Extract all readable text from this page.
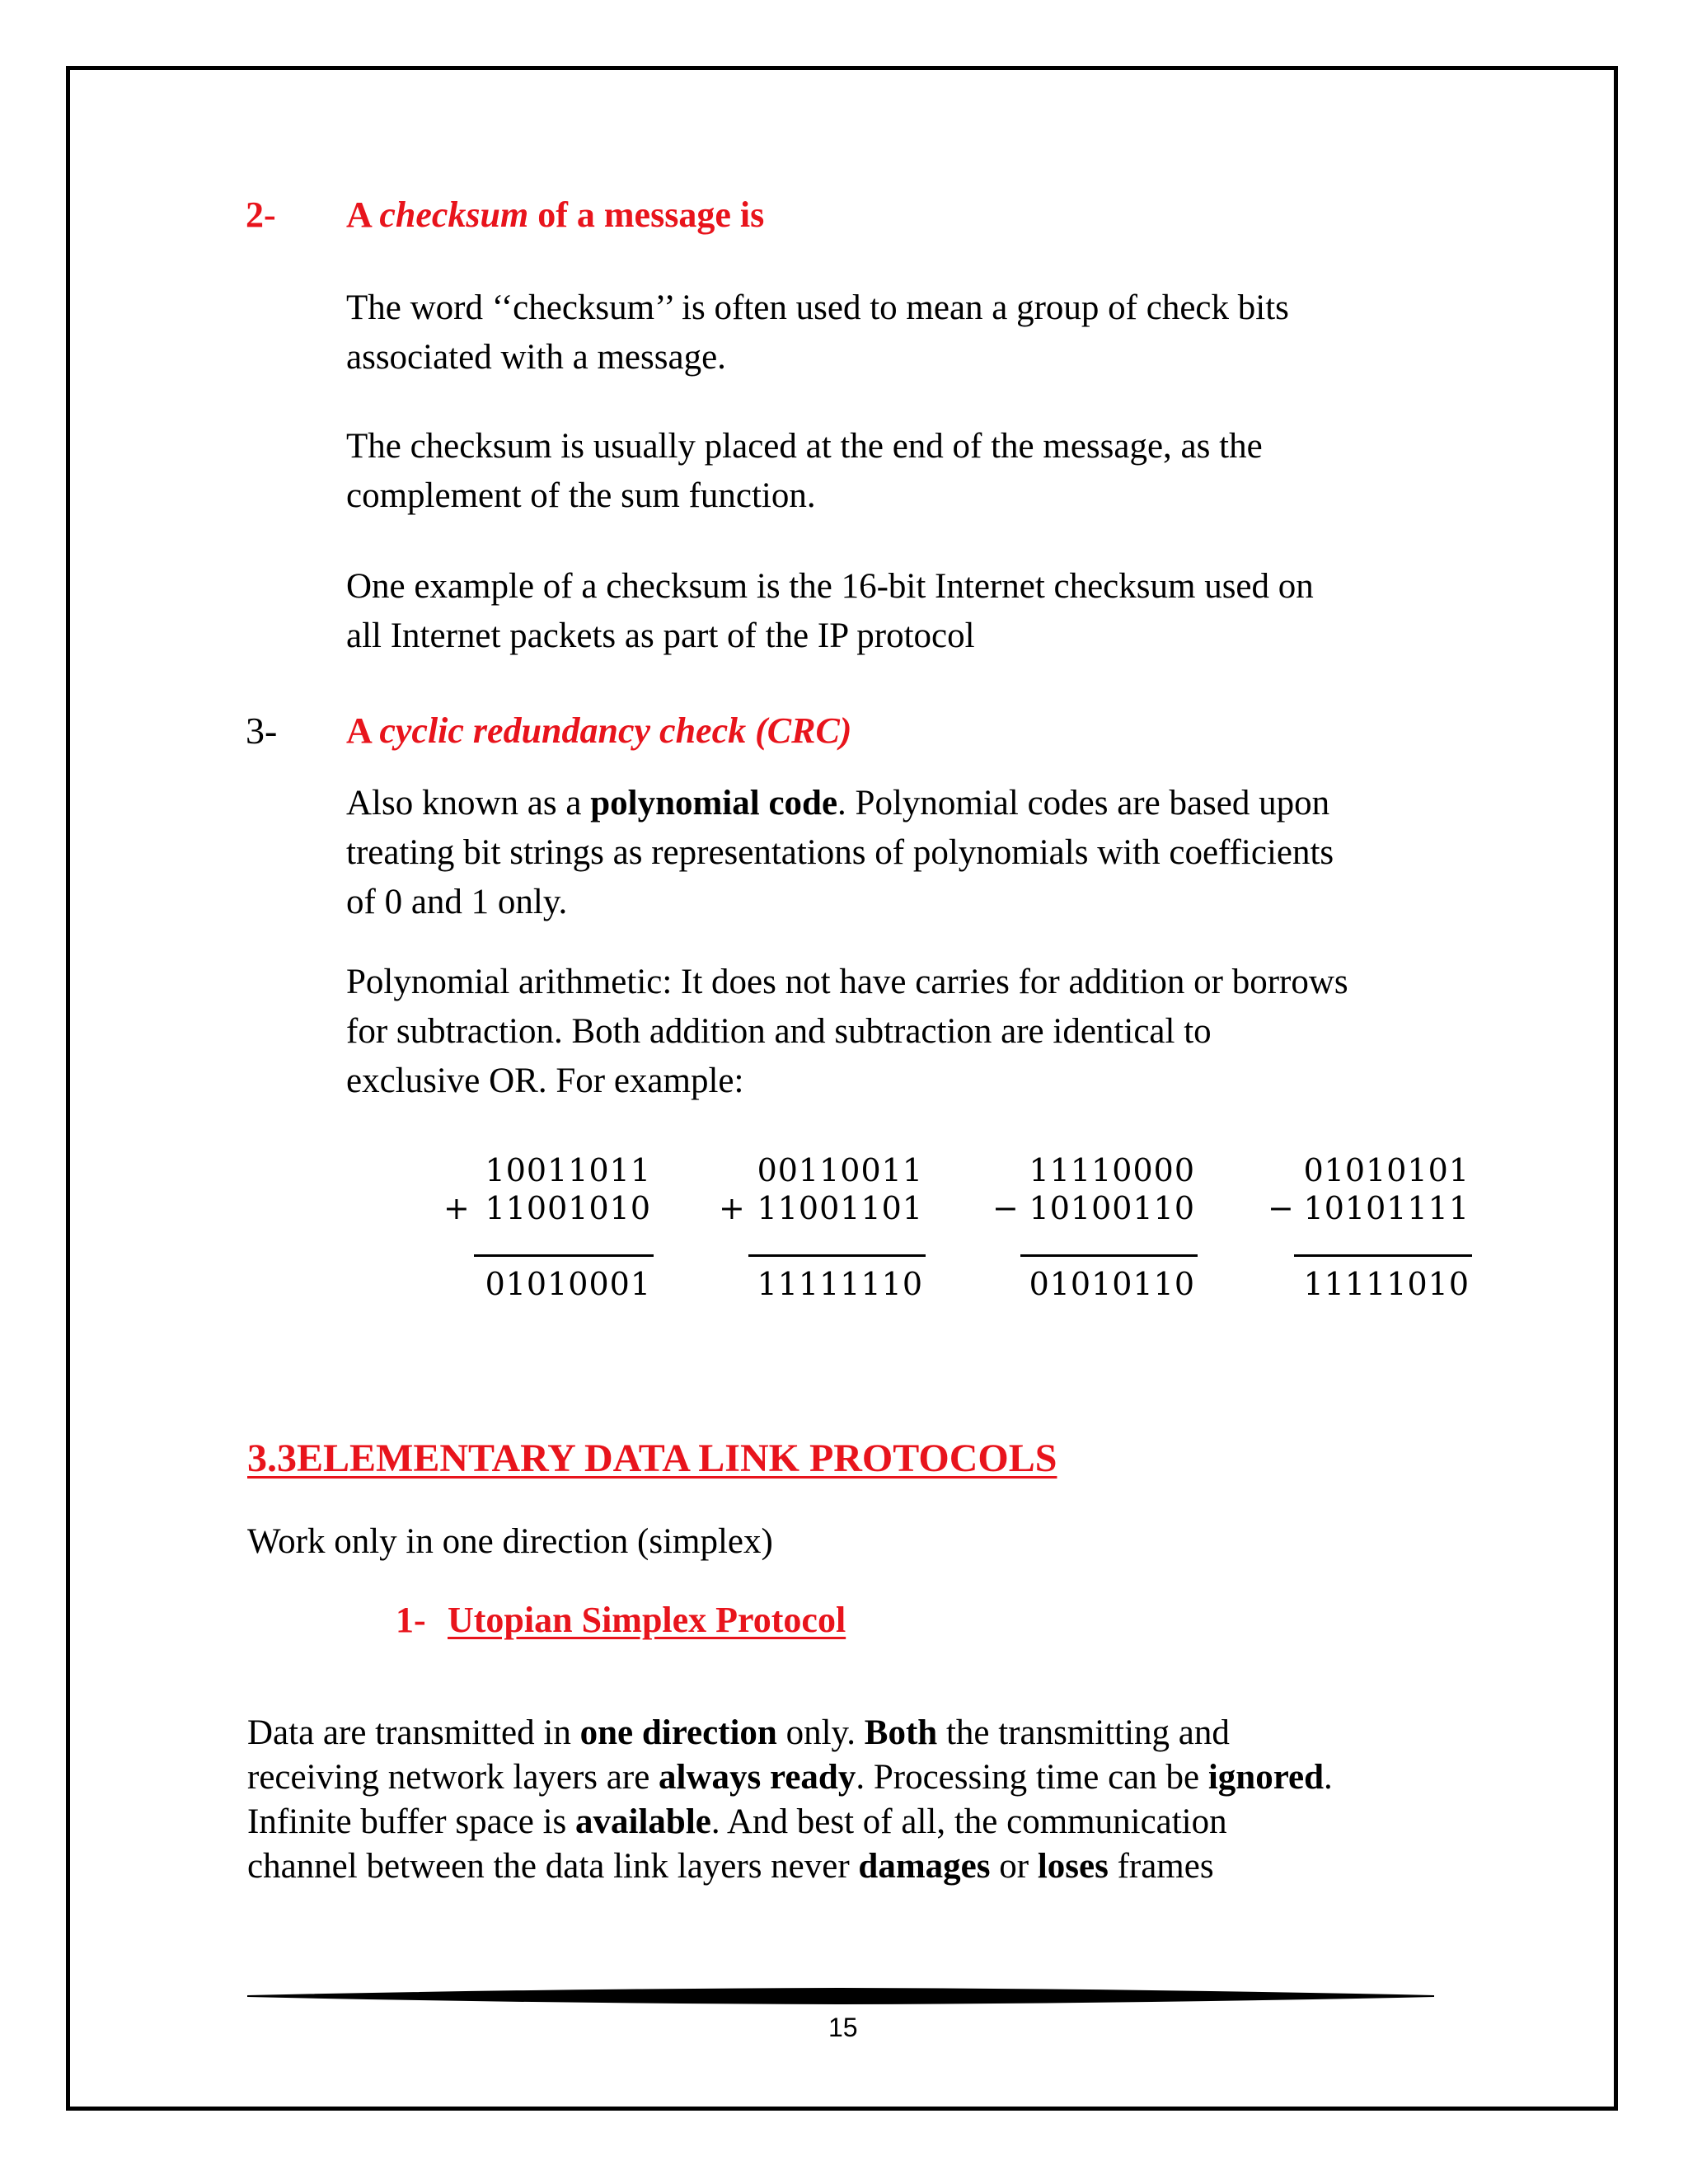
2- A checksum of a message is
The word ‘‘checksum’’ is often used to mean a group of check bits
associated with a message.
The checksum is usually placed at the end of the message, as the
complement of the sum function.
One example of a checksum is the 16-bit Internet checksum used on
all Internet packets as part of the IP protocol
3- A cyclic redundancy check (CRC)
Also known as a polynomial code. Polynomial codes are based upon
treating bit strings as representations of polynomials with coefficients
of 0 and 1 only.
Polynomial arithmetic: It does not have carries for addition or borrows
for subtraction. Both addition and subtraction are identical to
exclusive OR. For example:
10011011
+ 11001010
01010001
00110011
+ 11001101
11111110
11110000
− 10100110
01010110
01010101
− 10101111
11111010
3.3ELEMENTARY DATA LINK PROTOCOLS
Work only in one direction (simplex)
1- Utopian Simplex Protocol
Data are transmitted in one direction only. Both the transmitting and
receiving network layers are always ready. Processing time can be ignored.
Infinite buffer space is available. And best of all, the communication
channel between the data link layers never damages or loses frames
15
